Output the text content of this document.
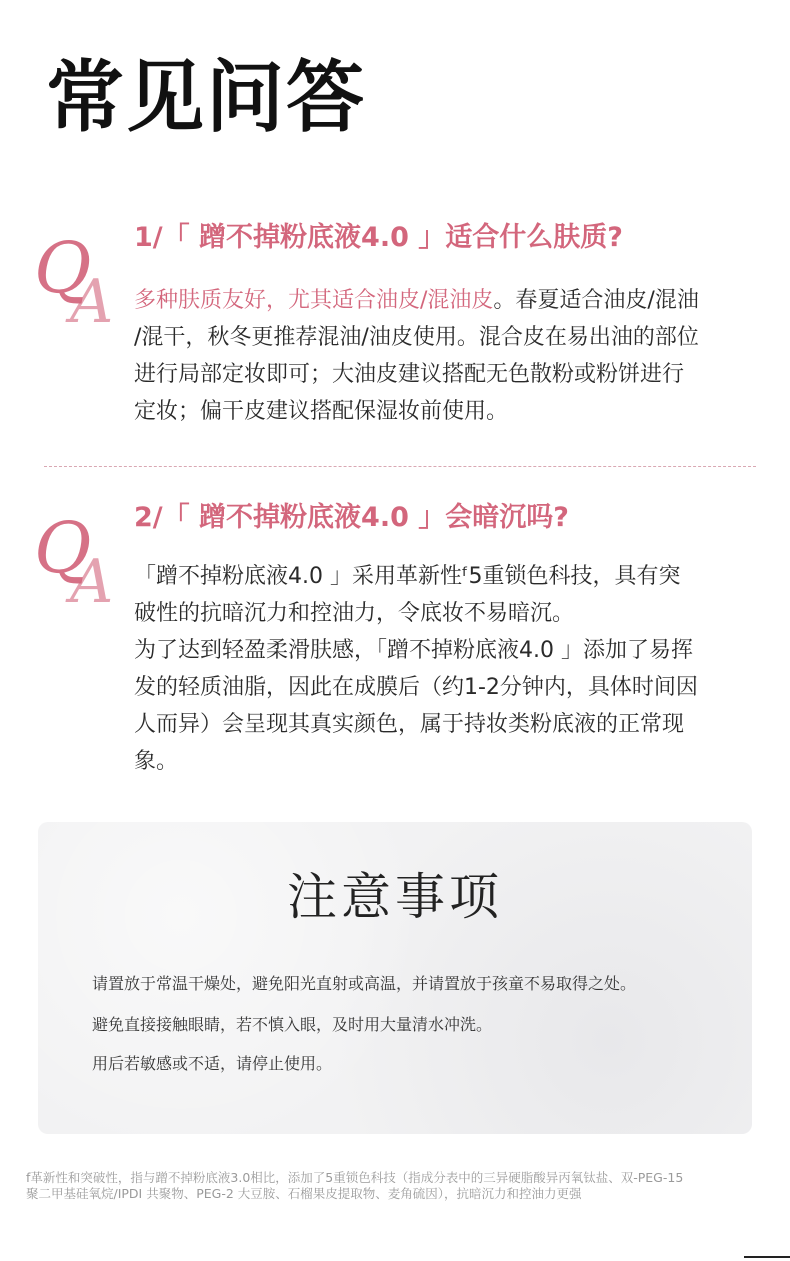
常见问答
Q
A
1/「 蹭不掉粉底液4.0 」适合什么肤质?

多种肤质友好，尤其适合油皮/混油皮。春夏适合油皮/混油

/混干，秋冬更推荐混油/油皮使用。混合皮在易出油的部位

进行局部定妆即可；大油皮建议搭配无色散粉或粉饼进行

定妆；偏干皮建议搭配保湿妆前使用。

Q
A
2/「 蹭不掉粉底液4.0 」会暗沉吗?

「蹭不掉粉底液4.0 」采用革新性ᶠ5重锁色科技，具有突

破性的抗暗沉力和控油力，令底妆不易暗沉。

为了达到轻盈柔滑肤感，「蹭不掉粉底液4.0 」添加了易挥

发的轻质油脂，因此在成膜后（约1-2分钟内，具体时间因

人而异）会呈现其真实颜色，属于持妆类粉底液的正常现

象。

注意事项
请置放于常温干燥处，避免阳光直射或高温，并请置放于孩童不易取得之处。
避免直接接触眼睛，若不慎入眼，及时用大量清水冲洗。
用后若敏感或不适，请停止使用。
f革新性和突破性，指与蹭不掉粉底液3.0相比，添加了5重锁色科技（指成分表中的三异硬脂酸异丙氧钛盐、双-PEG-15
聚二甲基硅氧烷/IPDI 共聚物、PEG-2 大豆胺、石榴果皮提取物、麦角硫因），抗暗沉力和控油力更强
